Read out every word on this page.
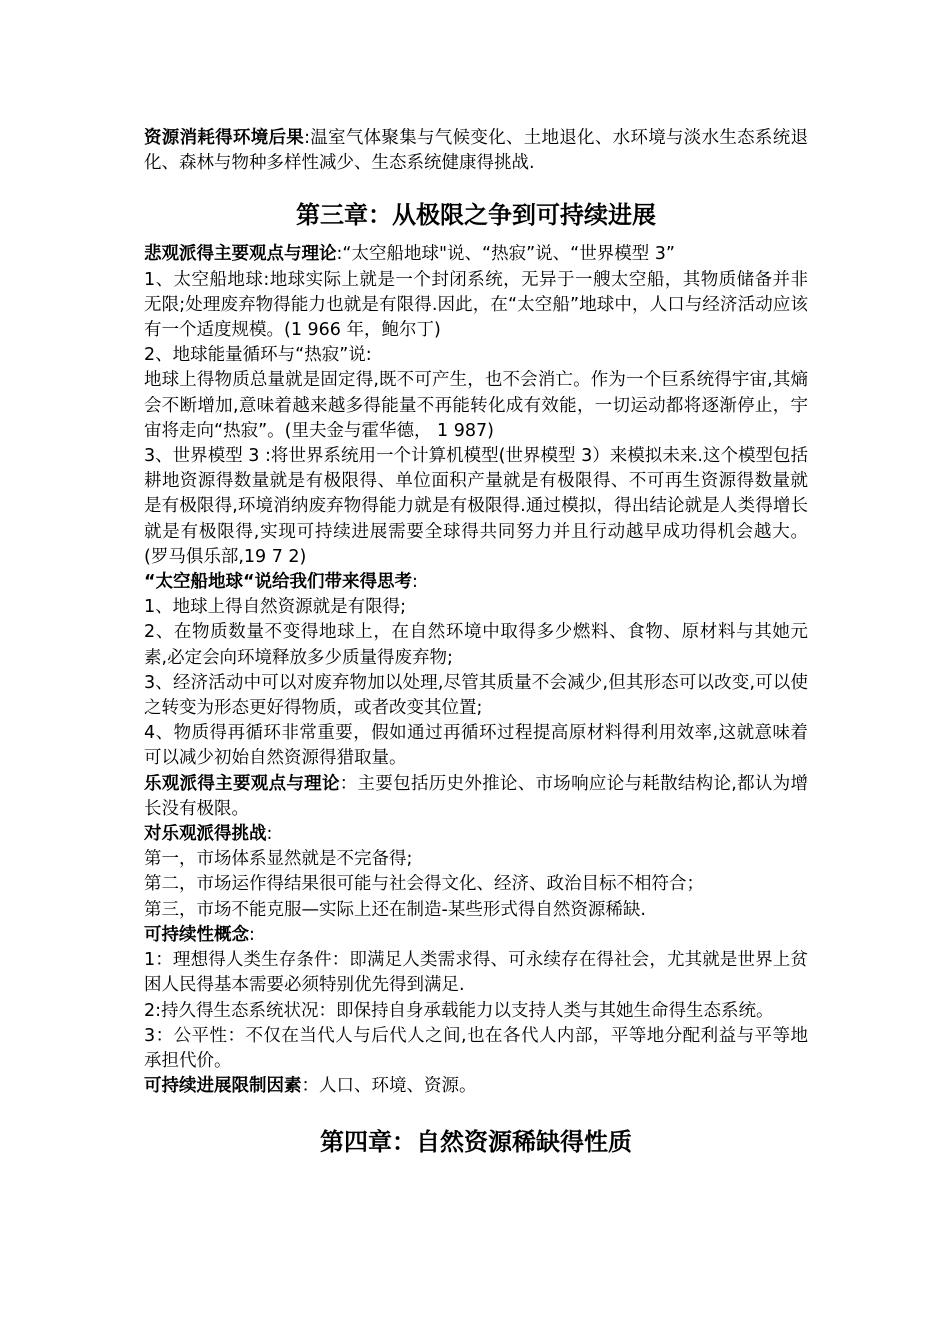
资源消耗得环境后果:温室气体聚集与气候变化、土地退化、水环境与淡水生态系统退化、森林与物种多样性减少、生态系统健康得挑战.

第三章：从极限之争到可持续进展

悲观派得主要观点与理论:“太空船地球"说、“热寂”说、“世界模型 3”

1、太空船地球:地球实际上就是一个封闭系统，无异于一艘太空船，其物质储备并非无限;处理废弃物得能力也就是有限得.因此，在“太空船”地球中，人口与经济活动应该有一个适度规模。(1 966 年，鲍尔丁)

2、地球能量循环与“热寂”说:

地球上得物质总量就是固定得,既不可产生，也不会消亡。作为一个巨系统得宇宙,其熵会不断增加,意味着越来越多得能量不再能转化成有效能，一切运动都将逐渐停止，宇宙将走向“热寂”。(里夫金与霍华德， 1 987)

3、世界模型 3 :将世界系统用一个计算机模型(世界模型 3）来模拟未来.这个模型包括耕地资源得数量就是有极限得、单位面积产量就是有极限得、不可再生资源得数量就是有极限得,环境消纳废弃物得能力就是有极限得.通过模拟，得出结论就是人类得增长就是有极限得,实现可持续进展需要全球得共同努力并且行动越早成功得机会越大。 (罗马俱乐部,19 7 2)

“太空船地球“说给我们带来得思考:

1、地球上得自然资源就是有限得;

2、在物质数量不变得地球上，在自然环境中取得多少燃料、食物、原材料与其她元素,必定会向环境释放多少质量得废弃物;

3、经济活动中可以对废弃物加以处理,尽管其质量不会减少,但其形态可以改变,可以使之转变为形态更好得物质，或者改变其位置;

4、物质得再循环非常重要，假如通过再循环过程提高原材料得利用效率,这就意味着可以减少初始自然资源得猎取量。

乐观派得主要观点与理论：主要包括历史外推论、市场响应论与耗散结构论,都认为增长没有极限。

对乐观派得挑战:

第一，市场体系显然就是不完备得;

第二，市场运作得结果很可能与社会得文化、经济、政治目标不相符合；

第三，市场不能克服—实际上还在制造-某些形式得自然资源稀缺.

可持续性概念:

1：理想得人类生存条件：即满足人类需求得、可永续存在得社会，尤其就是世界上贫困人民得基本需要必须特别优先得到满足.

2:持久得生态系统状况：即保持自身承载能力以支持人类与其她生命得生态系统。

3：公平性：不仅在当代人与后代人之间,也在各代人内部，平等地分配利益与平等地承担代价。

可持续进展限制因素：人口、环境、资源。

第四章：自然资源稀缺得性质
